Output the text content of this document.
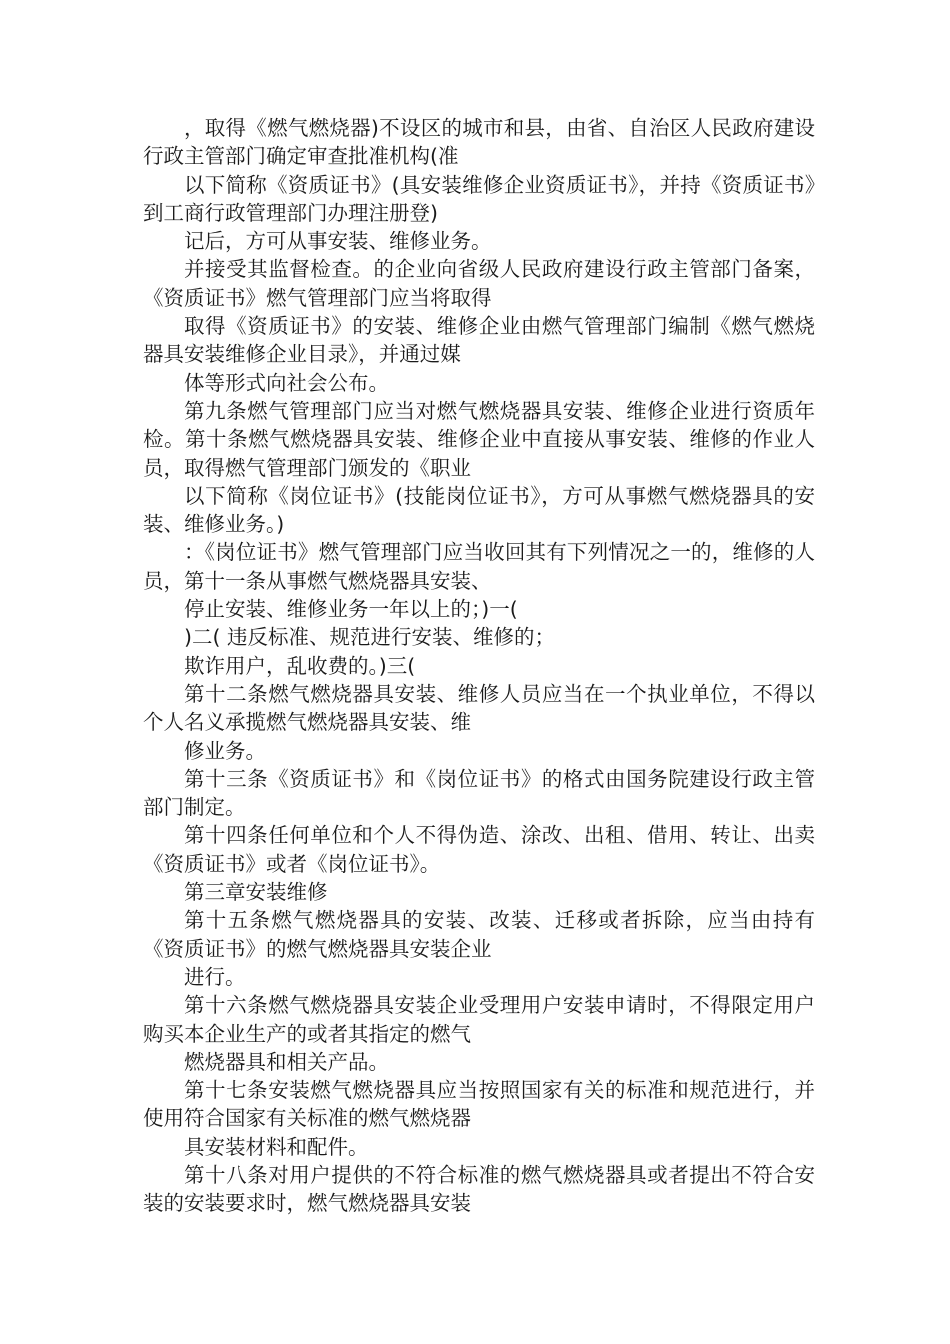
，取得《燃气燃烧器)不设区的城市和县，由省、自治区人民政府建设行政主管部门确定审查批准机构(准

以下简称《资质证书》(具安装维修企业资质证书》，并持《资质证书》到工商行政管理部门办理注册登)

记后，方可从事安装、维修业务。

并接受其监督检查。的企业向省级人民政府建设行政主管部门备案，《资质证书》燃气管理部门应当将取得

取得《资质证书》的安装、维修企业由燃气管理部门编制《燃气燃烧器具安装维修企业目录》，并通过媒

体等形式向社会公布。

第九条燃气管理部门应当对燃气燃烧器具安装、维修企业进行资质年检。第十条燃气燃烧器具安装、维修企业中直接从事安装、维修的作业人员，取得燃气管理部门颁发的《职业

以下简称《岗位证书》(技能岗位证书》，方可从事燃气燃烧器具的安装、维修业务。)

：《岗位证书》燃气管理部门应当收回其有下列情况之一的，维修的人员，第十一条从事燃气燃烧器具安装、

停止安装、维修业务一年以上的；)一(

)二( 违反标准、规范进行安装、维修的；

欺诈用户，乱收费的。)三(

第十二条燃气燃烧器具安装、维修人员应当在一个执业单位，不得以个人名义承揽燃气燃烧器具安装、维

修业务。

第十三条《资质证书》和《岗位证书》的格式由国务院建设行政主管部门制定。

第十四条任何单位和个人不得伪造、涂改、出租、借用、转让、出卖《资质证书》或者《岗位证书》。

第三章安装维修

第十五条燃气燃烧器具的安装、改装、迁移或者拆除，应当由持有《资质证书》的燃气燃烧器具安装企业

进行。

第十六条燃气燃烧器具安装企业受理用户安装申请时，不得限定用户购买本企业生产的或者其指定的燃气

燃烧器具和相关产品。

第十七条安装燃气燃烧器具应当按照国家有关的标准和规范进行，并使用符合国家有关标准的燃气燃烧器

具安装材料和配件。

第十八条对用户提供的不符合标准的燃气燃烧器具或者提出不符合安装的安装要求时，燃气燃烧器具安装
